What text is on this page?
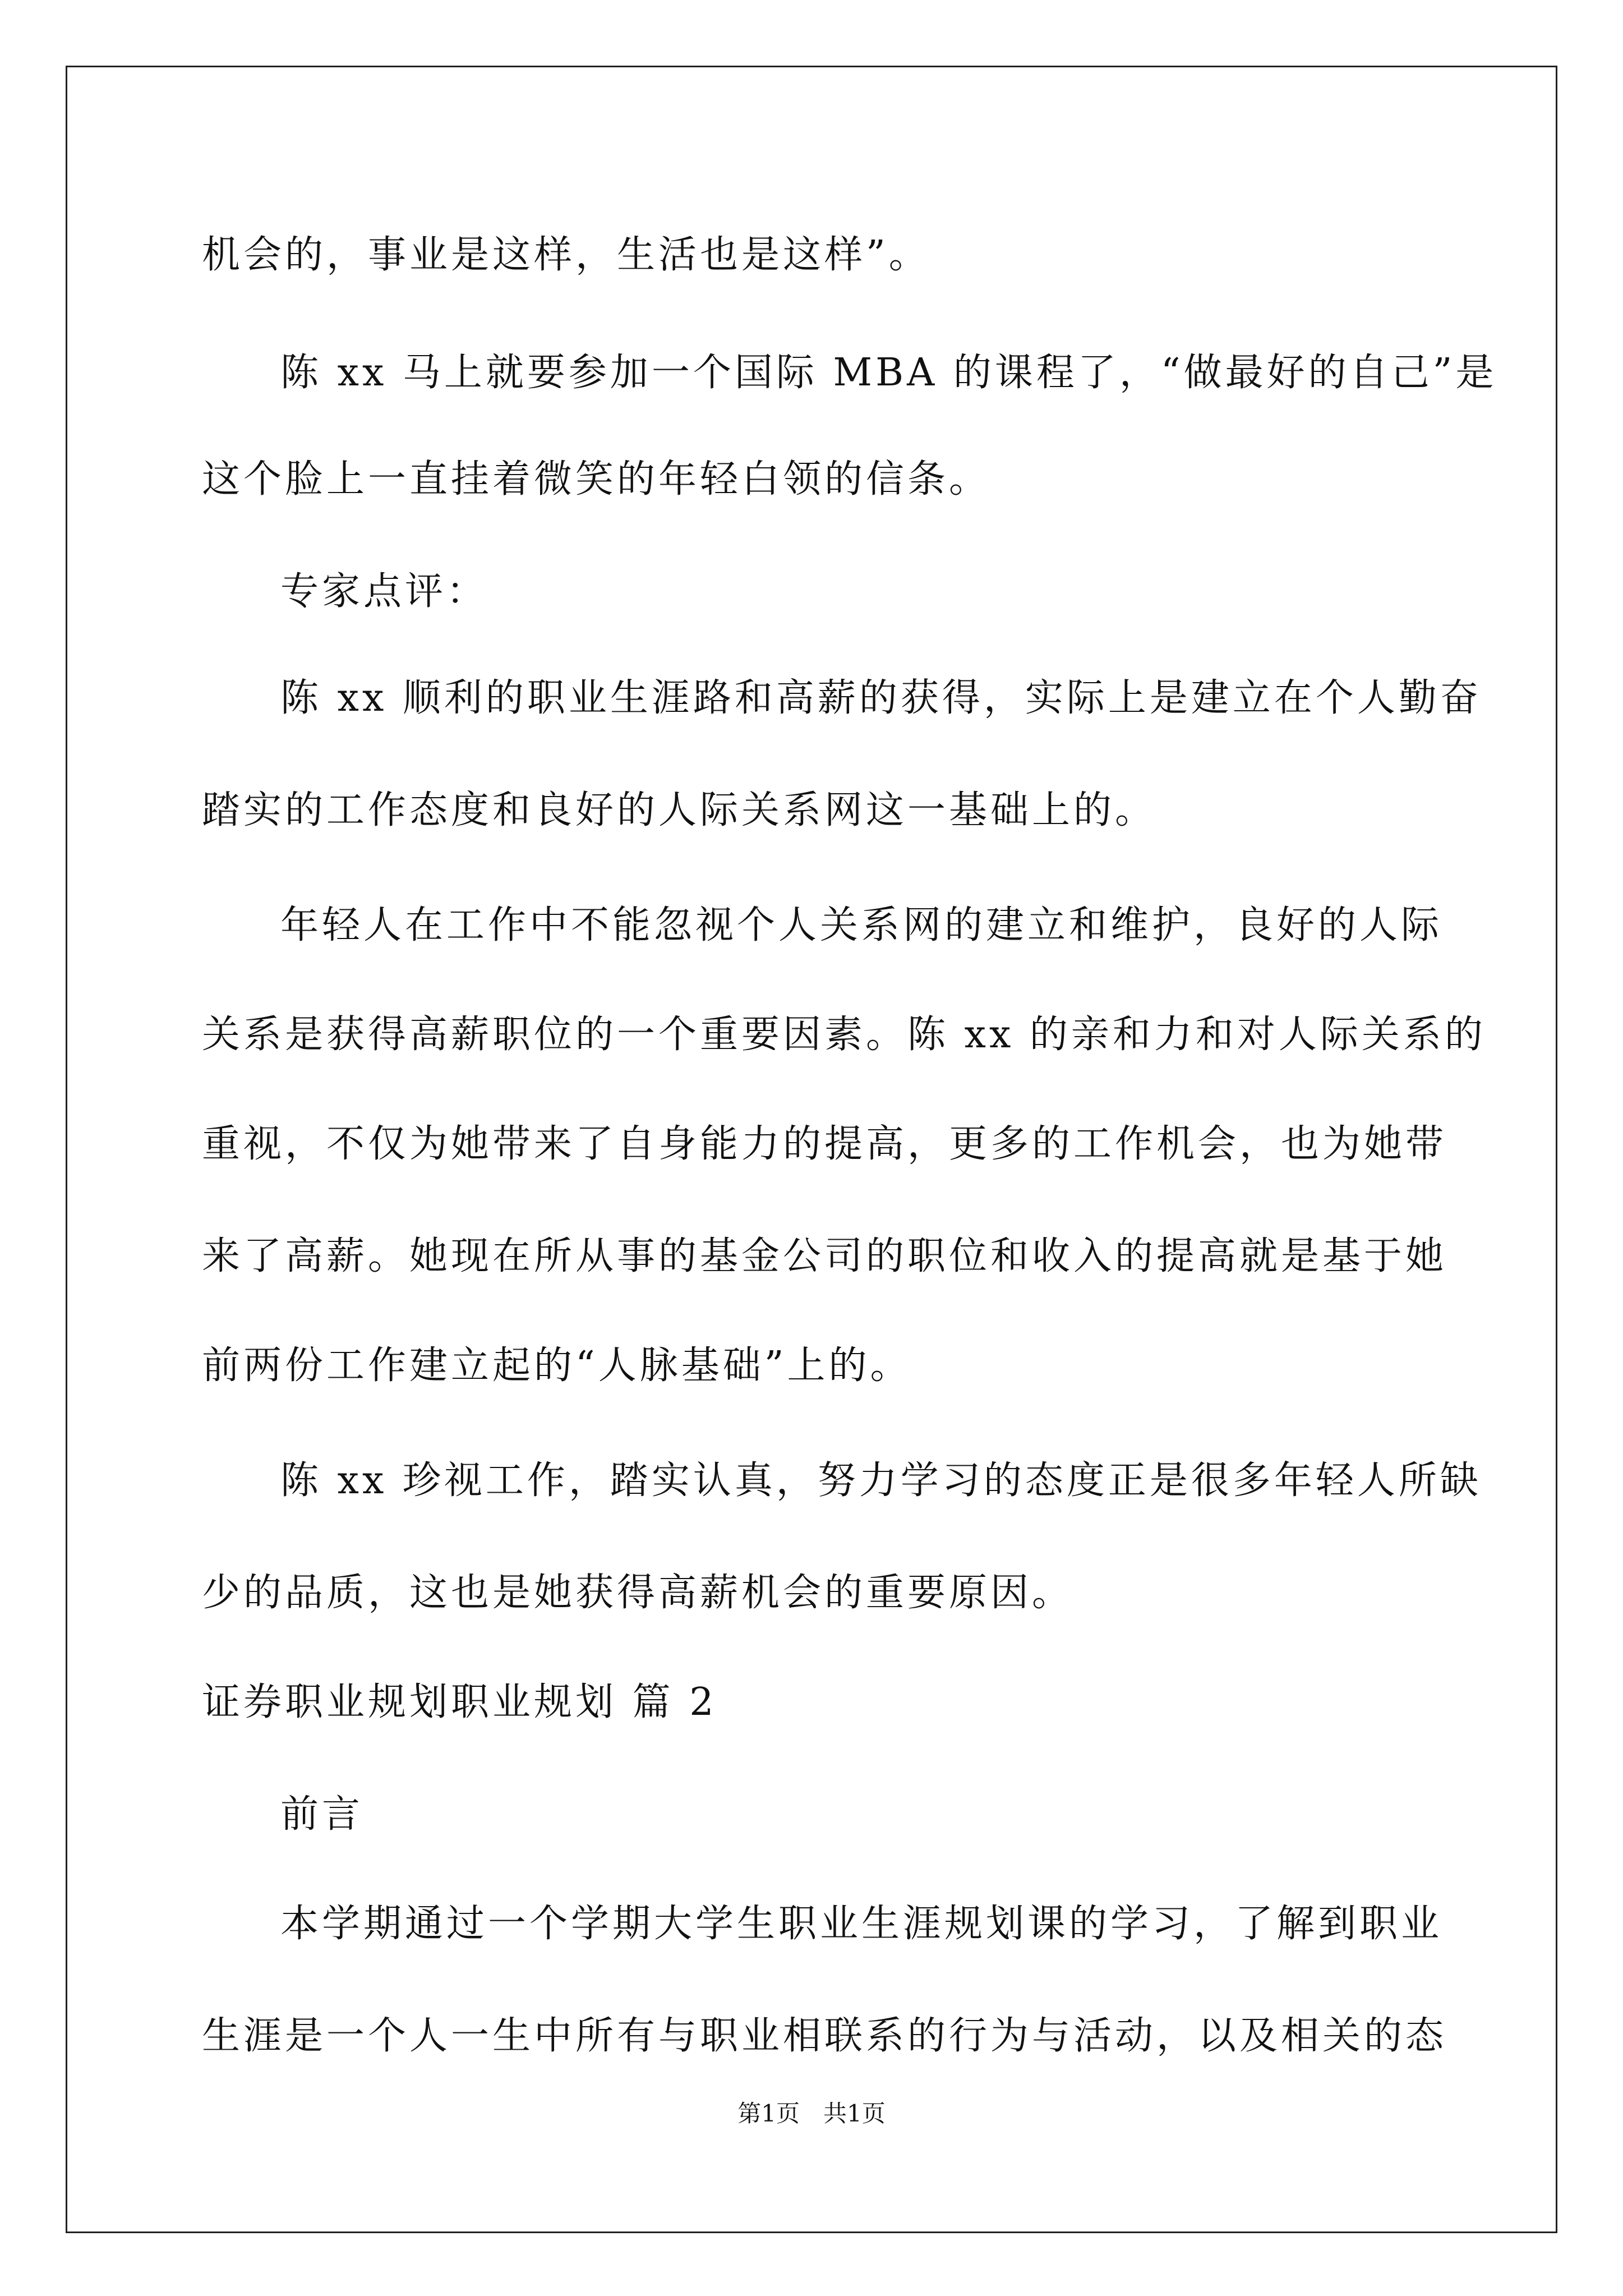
机会的，事业是这样，生活也是这样”。
陈 xx 马上就要参加一个国际 MBA 的课程了，“做最好的自己”是
这个脸上一直挂着微笑的年轻白领的信条。
专家点评：
陈 xx 顺利的职业生涯路和高薪的获得，实际上是建立在个人勤奋
踏实的工作态度和良好的人际关系网这一基础上的。
年轻人在工作中不能忽视个人关系网的建立和维护，良好的人际
关系是获得高薪职位的一个重要因素。陈 xx 的亲和力和对人际关系的
重视，不仅为她带来了自身能力的提高，更多的工作机会，也为她带
来了高薪。她现在所从事的基金公司的职位和收入的提高就是基于她
前两份工作建立起的“人脉基础”上的。
陈 xx 珍视工作，踏实认真，努力学习的态度正是很多年轻人所缺
少的品质，这也是她获得高薪机会的重要原因。
证券职业规划职业规划 篇 2
前言
本学期通过一个学期大学生职业生涯规划课的学习，了解到职业
生涯是一个人一生中所有与职业相联系的行为与活动，以及相关的态
第1页　共1页
